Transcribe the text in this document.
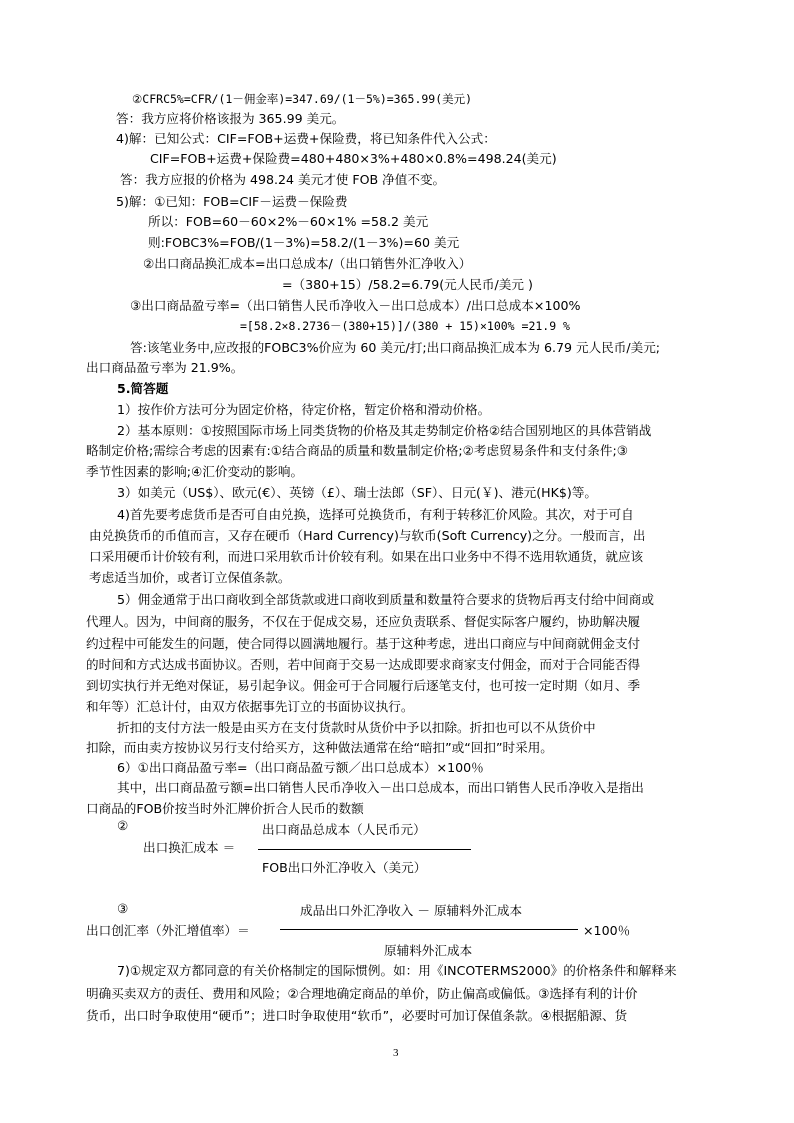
②CFRC5%=CFR/(1－佣金率)=347.69/(1－5%)=365.99(美元)
答：我方应将价格该报为 365.99 美元。
4)解：已知公式：CIF=FOB+运费+保险费，将已知条件代入公式：
CIF=FOB+运费+保险费=480+480×3%+480×0.8%=498.24(美元)
答：我方应报的价格为 498.24 美元才使 FOB 净值不变。
5)解：①已知：FOB=CIF－运费－保险费
所以：FOB=60－60×2%－60×1% =58.2 美元
则:FOBC3%=FOB/(1－3%)=58.2/(1－3%)=60 美元
②出口商品换汇成本=出口总成本/（出口销售外汇净收入）
=（380+15）/58.2=6.79(元人民币/美元 )
③出口商品盈亏率=（出口销售人民币净收入－出口总成本）/出口总成本×100%
=[58.2×8.2736－(380+15)]/(380 + 15)×100% =21.9 %
答:该笔业务中,应改报的FOBC3%价应为 60 美元/打;出口商品换汇成本为 6.79 元人民币/美元;
出口商品盈亏率为 21.9%。
5.简答题
1）按作价方法可分为固定价格，待定价格，暂定价格和滑动价格。
2）基本原则：①按照国际市场上同类货物的价格及其走势制定价格②结合国别地区的具体营销战
略制定价格;需综合考虑的因素有:①结合商品的质量和数量制定价格;②考虑贸易条件和支付条件;③
季节性因素的影响;④汇价变动的影响。
3）如美元（US$）、欧元(€）、英镑（£）、瑞士法郎（SF）、日元(￥)、港元(HK$)等。
4)首先要考虑货币是否可自由兑换，选择可兑换货币，有利于转移汇价风险。其次，对于可自
由兑换货币的币值而言，又存在硬币（Hard Currency)与软币(Soft Currency)之分。一般而言，出
口采用硬币计价较有利，而进口采用软币计价较有利。如果在出口业务中不得不选用软通货，就应该
考虑适当加价，或者订立保值条款。
5）佣金通常于出口商收到全部货款或进口商收到质量和数量符合要求的货物后再支付给中间商或
代理人。因为，中间商的服务，不仅在于促成交易，还应负责联系、督促实际客户履约，协助解决履
约过程中可能发生的问题，使合同得以圆满地履行。基于这种考虑，进出口商应与中间商就佣金支付
的时间和方式达成书面协议。否则，若中间商于交易一达成即要求商家支付佣金，而对于合同能否得
到切实执行并无绝对保证，易引起争议。佣金可于合同履行后逐笔支付，也可按一定时期（如月、季
和年等）汇总计付，由双方依据事先订立的书面协议执行。
折扣的支付方法一般是由买方在支付货款时从货价中予以扣除。折扣也可以不从货价中
扣除，而由卖方按协议另行支付给买方，这种做法通常在给“暗扣”或“回扣”时采用。
6）①出口商品盈亏率=（出口商品盈亏额／出口总成本）×100％
其中，出口商品盈亏额=出口销售人民币净收入－出口总成本，而出口销售人民币净收入是指出
口商品的FOB价按当时外汇牌价折合人民币的数额
②	出口商品总成本（人民币元）
出口换汇成本 ＝
FOB出口外汇净收入（美元）
③	成品出口外汇净收入 － 原辅料外汇成本
出口创汇率（外汇增值率）＝	×100％
原辅料外汇成本
7)①规定双方都同意的有关价格制定的国际惯例。如：用《INCOTERMS2000》的价格条件和解释来
明确买卖双方的责任、费用和风险；②合理地确定商品的单价，防止偏高或偏低。③选择有利的计价
货币，出口时争取使用“硬币”；进口时争取使用“软币”，必要时可加订保值条款。④根据船源、货
3
